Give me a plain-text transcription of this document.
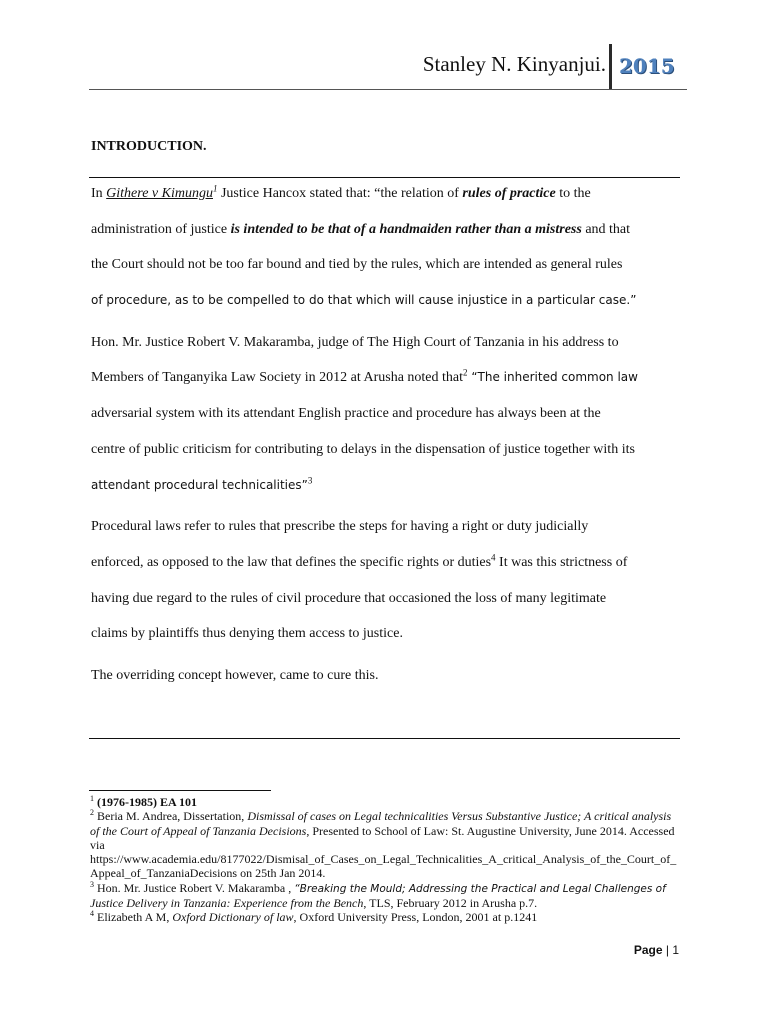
Stanley N. Kinyanjui. 2015
INTRODUCTION.
In Githere v Kimungu$^1$ Justice Hancox stated that: “the relation of rules of practice to the
administration of justice is intended to be that of a handmaiden rather than a mistress and that
the Court should not be too far bound and tied by the rules, which are intended as general rules
of procedure, as to be compelled to do that which will cause injustice in a particular case.”
Hon. Mr. Justice Robert V. Makaramba, judge of The High Court of Tanzania in his address to
Members of Tanganyika Law Society in 2012 at Arusha noted that$^2$ “The inherited common law
adversarial system with its attendant English practice and procedure has always been at the
centre of public criticism for contributing to delays in the dispensation of justice together with its
attendant procedural technicalities”$^3$
Procedural laws refer to rules that prescribe the steps for having a right or duty judicially
enforced, as opposed to the law that defines the specific rights or duties$^4$ It was this strictness of
having due regard to the rules of civil procedure that occasioned the loss of many legitimate
claims by plaintiffs thus denying them access to justice.
The overriding concept however, came to cure this.

$^1$ (1976-1985) EA 101

$^2$ Beria M. Andrea, Dissertation, Dismissal of cases on Legal technicalities Versus Substantive Justice; A critical analysis of the Court of Appeal of Tanzania Decisions, Presented to School of Law: St. Augustine University, June 2014. Accessed via
https://www.academia.edu/8177022/Dismisal_of_Cases_on_Legal_Technicalities_A_critical_Analysis_of_the_Court_of_Appeal_of_TanzaniaDecisions on 25th Jan 2014.

$^3$ Hon. Mr. Justice Robert V. Makaramba , “Breaking the Mould; Addressing the Practical and Legal Challenges of
Justice Delivery in Tanzania: Experience from the Bench, TLS, February 2012 in Arusha p.7.

$^4$ Elizabeth A M, Oxford Dictionary of law, Oxford University Press, London, 2001 at p.1241

Page | 1
